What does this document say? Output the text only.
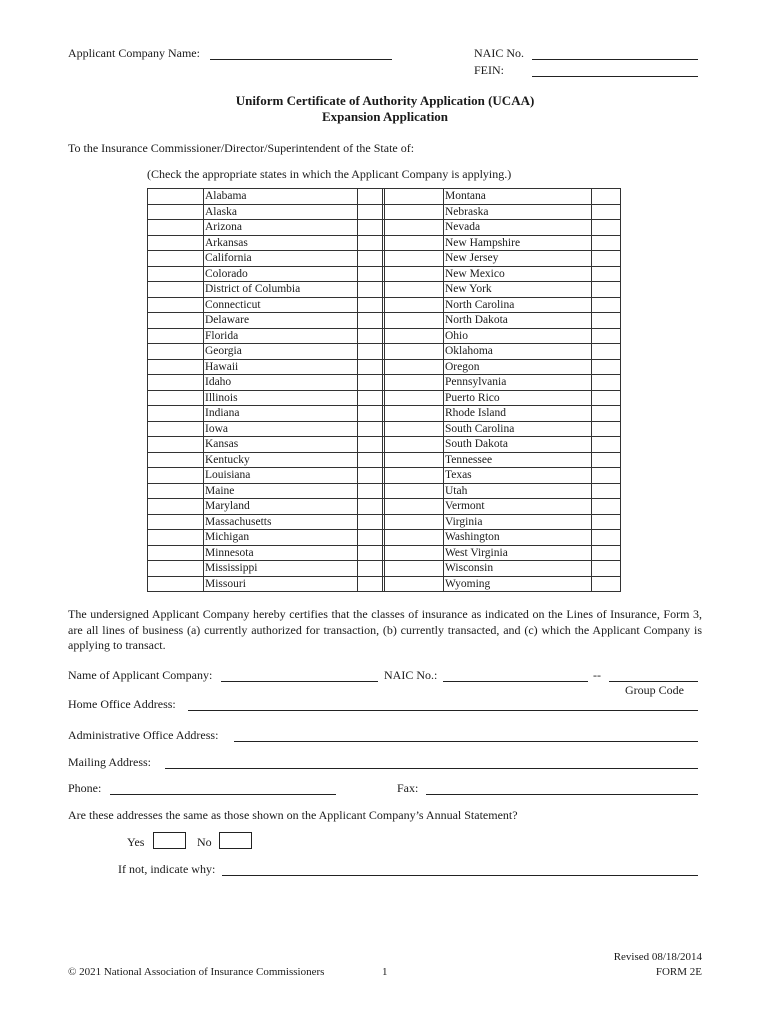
Applicant Company Name:	NAIC No.
FEIN:
Uniform Certificate of Authority Application (UCAA)
Expansion Application
To the Insurance Commissioner/Director/Superintendent of the State of:
(Check the appropriate states in which the Applicant Company is applying.)
	Alabama				Montana	
	Alaska				Nebraska	
	Arizona				Nevada	
	Arkansas				New Hampshire	
	California				New Jersey	
	Colorado				New Mexico	
	District of Columbia				New York	
	Connecticut				North Carolina	
	Delaware				North Dakota	
	Florida				Ohio	
	Georgia				Oklahoma	
	Hawaii				Oregon	
	Idaho				Pennsylvania	
	Illinois				Puerto Rico	
	Indiana				Rhode Island	
	Iowa				South Carolina	
	Kansas				South Dakota	
	Kentucky				Tennessee	
	Louisiana				Texas	
	Maine				Utah	
	Maryland				Vermont	
	Massachusetts				Virginia	
	Michigan				Washington	
	Minnesota				West Virginia	
	Mississippi				Wisconsin	
	Missouri				Wyoming	
The undersigned Applicant Company hereby certifies that the classes of insurance as indicated on the Lines of Insurance, Form 3, are all lines of business (a) currently authorized for transaction, (b) currently transacted, and (c) which the Applicant Company is applying to transact.
Name of Applicant Company:	NAIC No.:	--
Group Code
Home Office Address:
Administrative Office Address:
Mailing Address:
Phone:	Fax:
Are these addresses the same as those shown on the Applicant Company’s Annual Statement?
Yes	No
If not, indicate why:
© 2021 National Association of Insurance Commissioners	1
Revised 08/18/2014
FORM 2E
